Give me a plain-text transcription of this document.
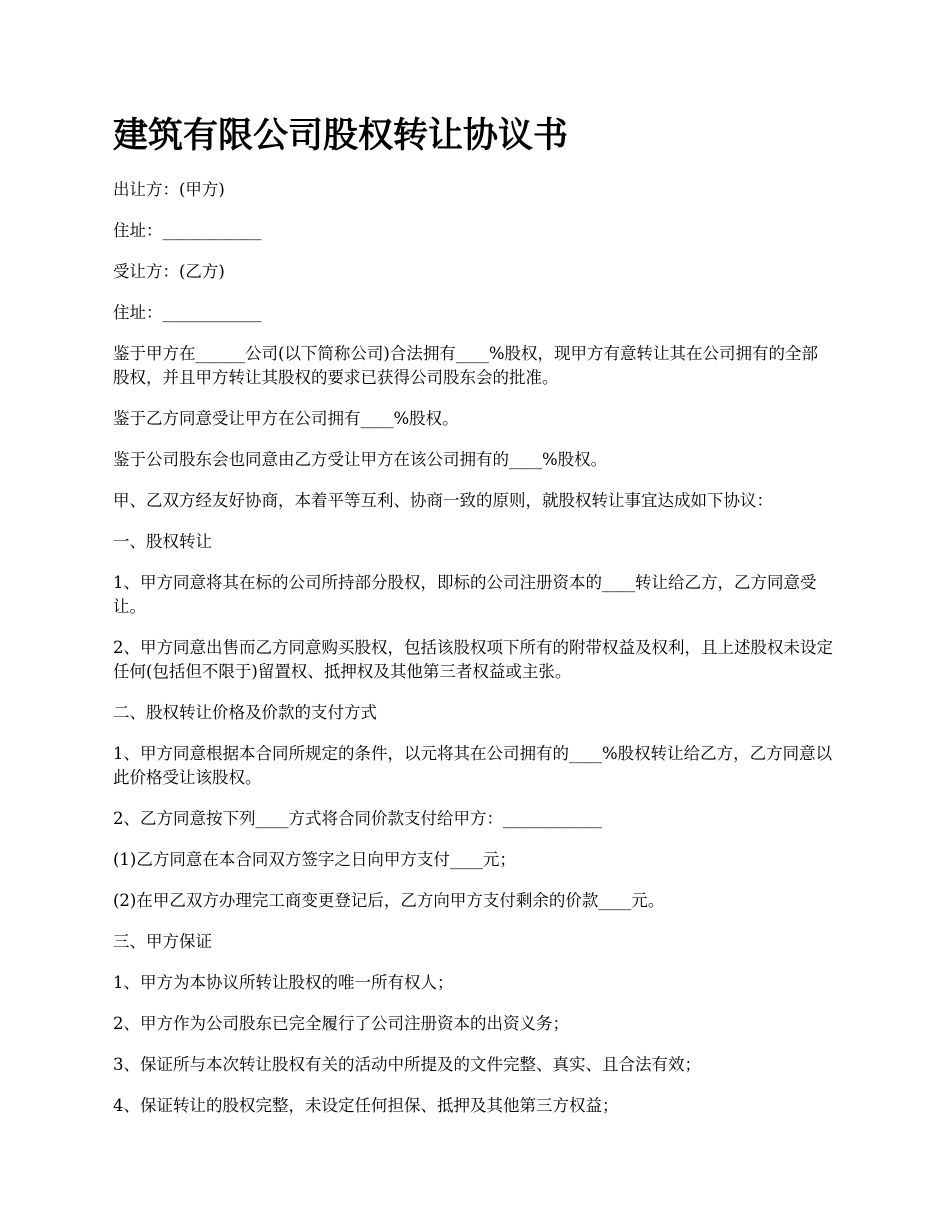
建筑有限公司股权转让协议书

出让方：(甲方)

住址：____________

受让方：(乙方)

住址：____________

鉴于甲方在______公司(以下简称公司)合法拥有____%股权，现甲方有意转让其在公司拥有的全部股权，并且甲方转让其股权的要求已获得公司股东会的批准。

鉴于乙方同意受让甲方在公司拥有____%股权。

鉴于公司股东会也同意由乙方受让甲方在该公司拥有的____%股权。

甲、乙双方经友好协商，本着平等互利、协商一致的原则，就股权转让事宜达成如下协议：

一、股权转让

1、甲方同意将其在标的公司所持部分股权，即标的公司注册资本的____转让给乙方，乙方同意受让。

2、甲方同意出售而乙方同意购买股权，包括该股权项下所有的附带权益及权利，且上述股权未设定任何(包括但不限于)留置权、抵押权及其他第三者权益或主张。

二、股权转让价格及价款的支付方式

1、甲方同意根据本合同所规定的条件，以元将其在公司拥有的____%股权转让给乙方，乙方同意以此价格受让该股权。

2、乙方同意按下列____方式将合同价款支付给甲方：____________

(1)乙方同意在本合同双方签字之日向甲方支付____元；

(2)在甲乙双方办理完工商变更登记后，乙方向甲方支付剩余的价款____元。

三、甲方保证

1、甲方为本协议所转让股权的唯一所有权人；

2、甲方作为公司股东已完全履行了公司注册资本的出资义务；

3、保证所与本次转让股权有关的活动中所提及的文件完整、真实、且合法有效；

4、保证转让的股权完整，未设定任何担保、抵押及其他第三方权益；
